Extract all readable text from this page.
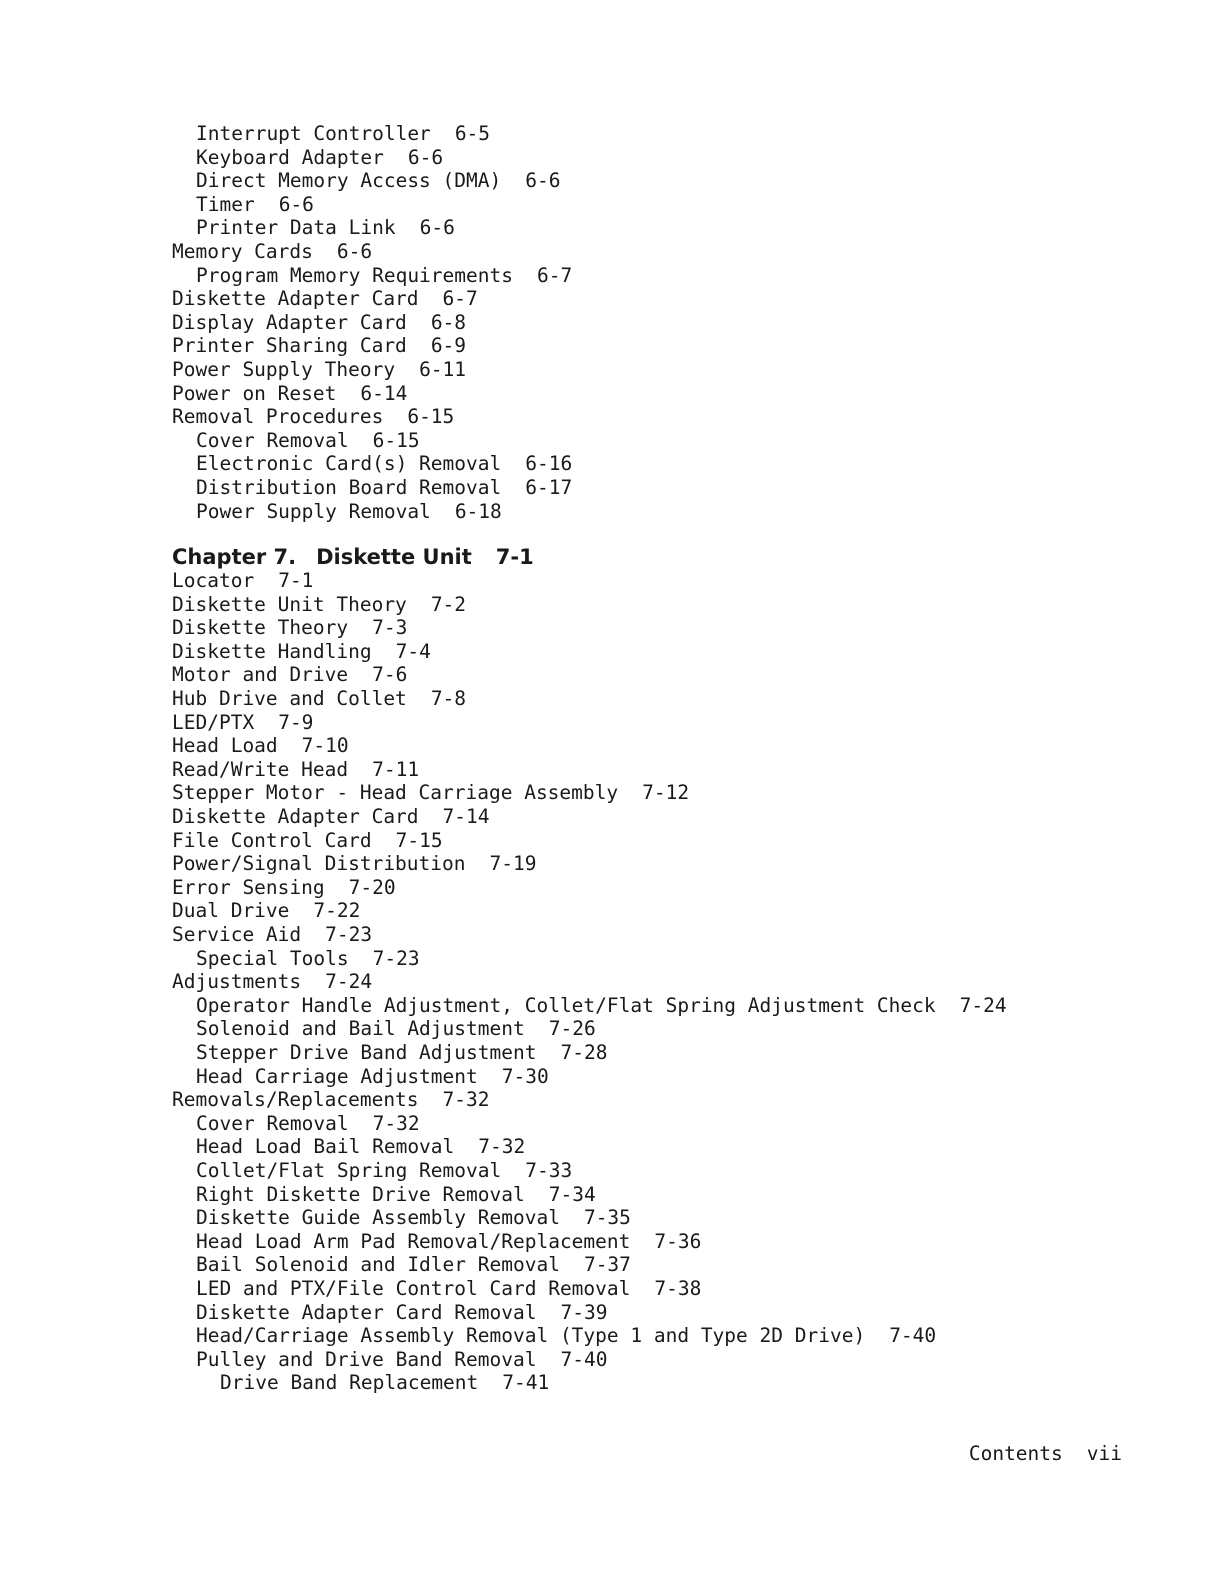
Interrupt Controller 6-5
Keyboard Adapter 6-6
Direct Memory Access (DMA) 6-6
Timer 6-6
Printer Data Link 6-6
Memory Cards 6-6
Program Memory Requirements 6-7
Diskette Adapter Card 6-7
Display Adapter Card 6-8
Printer Sharing Card 6-9
Power Supply Theory 6-11
Power on Reset 6-14
Removal Procedures 6-15
Cover Removal 6-15
Electronic Card(s) Removal 6-16
Distribution Board Removal 6-17
Power Supply Removal 6-18
Chapter 7. Diskette Unit 7-1
Locator 7-1
Diskette Unit Theory 7-2
Diskette Theory 7-3
Diskette Handling 7-4
Motor and Drive 7-6
Hub Drive and Collet 7-8
LED/PTX 7-9
Head Load 7-10
Read/Write Head 7-11
Stepper Motor - Head Carriage Assembly 7-12
Diskette Adapter Card 7-14
File Control Card 7-15
Power/Signal Distribution 7-19
Error Sensing 7-20
Dual Drive 7-22
Service Aid 7-23
Special Tools 7-23
Adjustments 7-24
Operator Handle Adjustment, Collet/Flat Spring Adjustment Check 7-24
Solenoid and Bail Adjustment 7-26
Stepper Drive Band Adjustment 7-28
Head Carriage Adjustment 7-30
Removals/Replacements 7-32
Cover Removal 7-32
Head Load Bail Removal 7-32
Collet/Flat Spring Removal 7-33
Right Diskette Drive Removal 7-34
Diskette Guide Assembly Removal 7-35
Head Load Arm Pad Removal/Replacement 7-36
Bail Solenoid and Idler Removal 7-37
LED and PTX/File Control Card Removal 7-38
Diskette Adapter Card Removal 7-39
Head/Carriage Assembly Removal (Type 1 and Type 2D Drive) 7-40
Pulley and Drive Band Removal 7-40
Drive Band Replacement 7-41
Contents vii
